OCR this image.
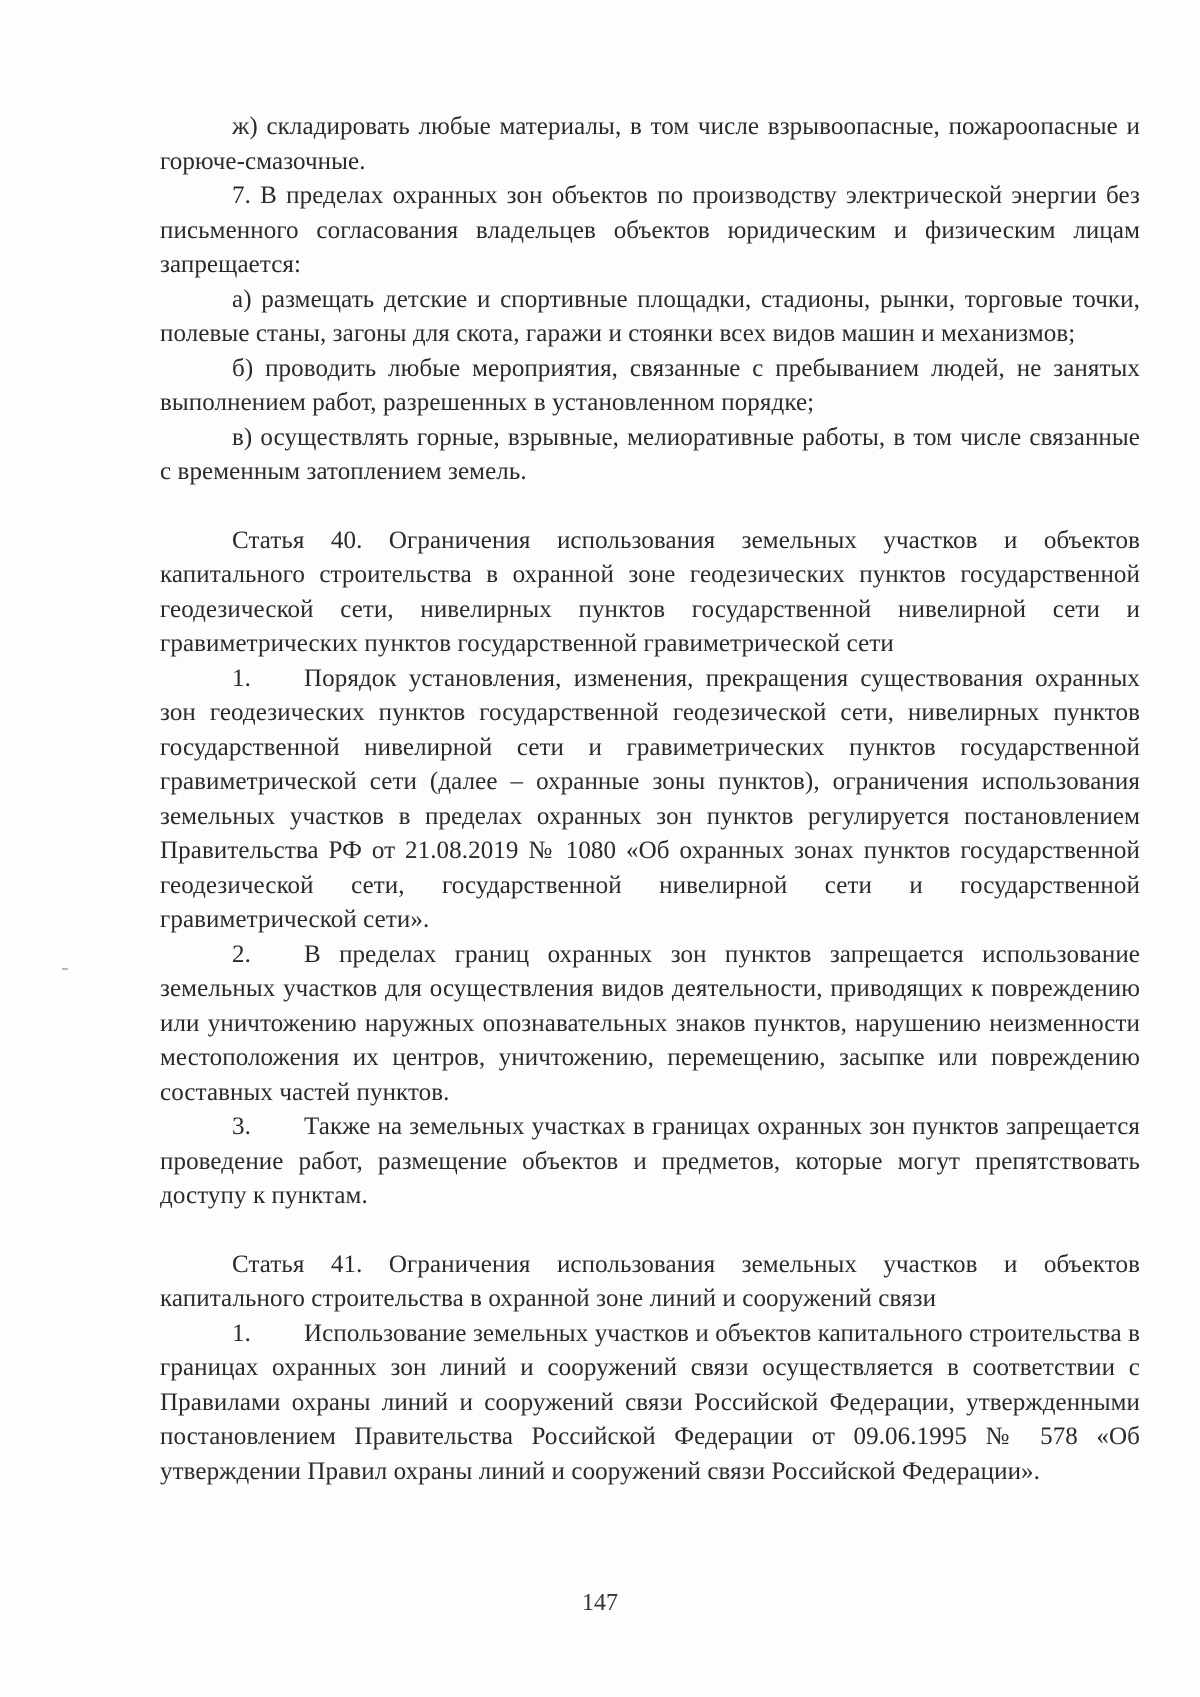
ж) складировать любые материалы, в том числе взрывоопасные, пожароопасные и горюче-смазочные.

7. В пределах охранных зон объектов по производству электрической энергии без письменного согласования владельцев объектов юридическим и физическим лицам запрещается:

а) размещать детские и спортивные площадки, стадионы, рынки, торговые точки, полевые станы, загоны для скота, гаражи и стоянки всех видов машин и механизмов;

б) проводить любые мероприятия, связанные с пребыванием людей, не занятых выполнением работ, разрешенных в установленном порядке;

в) осуществлять горные, взрывные, мелиоративные работы, в том числе связанные с временным затоплением земель.

Статья 40. Ограничения использования земельных участков и объектов капитального строительства в охранной зоне геодезических пунктов государственной геодезической сети, нивелирных пунктов государственной нивелирной сети и гравиметрических пунктов государственной гравиметрической сети

1. Порядок установления, изменения, прекращения существования охранных зон геодезических пунктов государственной геодезической сети, нивелирных пунктов государственной нивелирной сети и гравиметрических пунктов государственной гравиметрической сети (далее – охранные зоны пунктов), ограничения использования земельных участков в пределах охранных зон пунктов регулируется постановлением Правительства РФ от 21.08.2019 № 1080 «Об охранных зонах пунктов государственной геодезической сети, государственной нивелирной сети и государственной гравиметрической сети».

2. В пределах границ охранных зон пунктов запрещается использование земельных участков для осуществления видов деятельности, приводящих к повреждению или уничтожению наружных опознавательных знаков пунктов, нарушению неизменности местоположения их центров, уничтожению, перемещению, засыпке или повреждению составных частей пунктов.

3. Также на земельных участках в границах охранных зон пунктов запрещается проведение работ, размещение объектов и предметов, которые могут препятствовать доступу к пунктам.

Статья 41. Ограничения использования земельных участков и объектов капитального строительства в охранной зоне линий и сооружений связи

1. Использование земельных участков и объектов капитального строительства в границах охранных зон линий и сооружений связи осуществляется в соответствии с Правилами охраны линий и сооружений связи Российской Федерации, утвержденными постановлением Правительства Российской Федерации от 09.06.1995 № 578 «Об утверждении Правил охраны линий и сооружений связи Российской Федерации».

147
